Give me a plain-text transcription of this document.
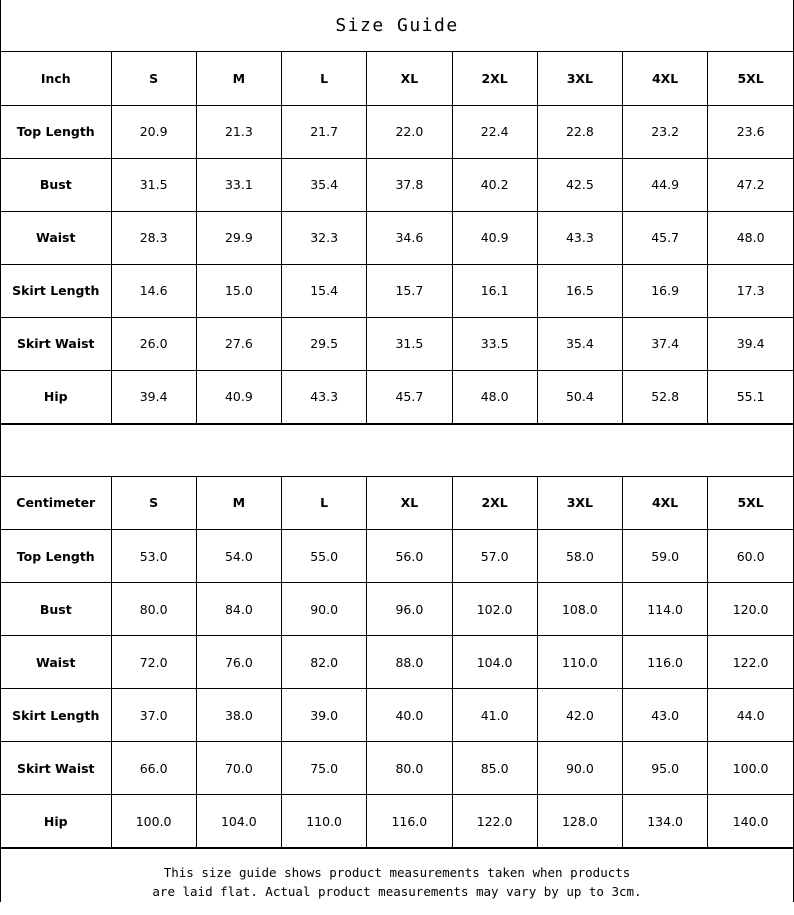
Size Guide
Inch	S	M	L	XL	2XL	3XL	4XL	5XL
Top Length	20.9	21.3	21.7	22.0	22.4	22.8	23.2	23.6
Bust	31.5	33.1	35.4	37.8	40.2	42.5	44.9	47.2
Waist	28.3	29.9	32.3	34.6	40.9	43.3	45.7	48.0
Skirt Length	14.6	15.0	15.4	15.7	16.1	16.5	16.9	17.3
Skirt Waist	26.0	27.6	29.5	31.5	33.5	35.4	37.4	39.4
Hip	39.4	40.9	43.3	45.7	48.0	50.4	52.8	55.1
Centimeter	S	M	L	XL	2XL	3XL	4XL	5XL
Top Length	53.0	54.0	55.0	56.0	57.0	58.0	59.0	60.0
Bust	80.0	84.0	90.0	96.0	102.0	108.0	114.0	120.0
Waist	72.0	76.0	82.0	88.0	104.0	110.0	116.0	122.0
Skirt Length	37.0	38.0	39.0	40.0	41.0	42.0	43.0	44.0
Skirt Waist	66.0	70.0	75.0	80.0	85.0	90.0	95.0	100.0
Hip	100.0	104.0	110.0	116.0	122.0	128.0	134.0	140.0
This size guide shows product measurements taken when products
are laid flat. Actual product measurements may vary by up to 3cm.
